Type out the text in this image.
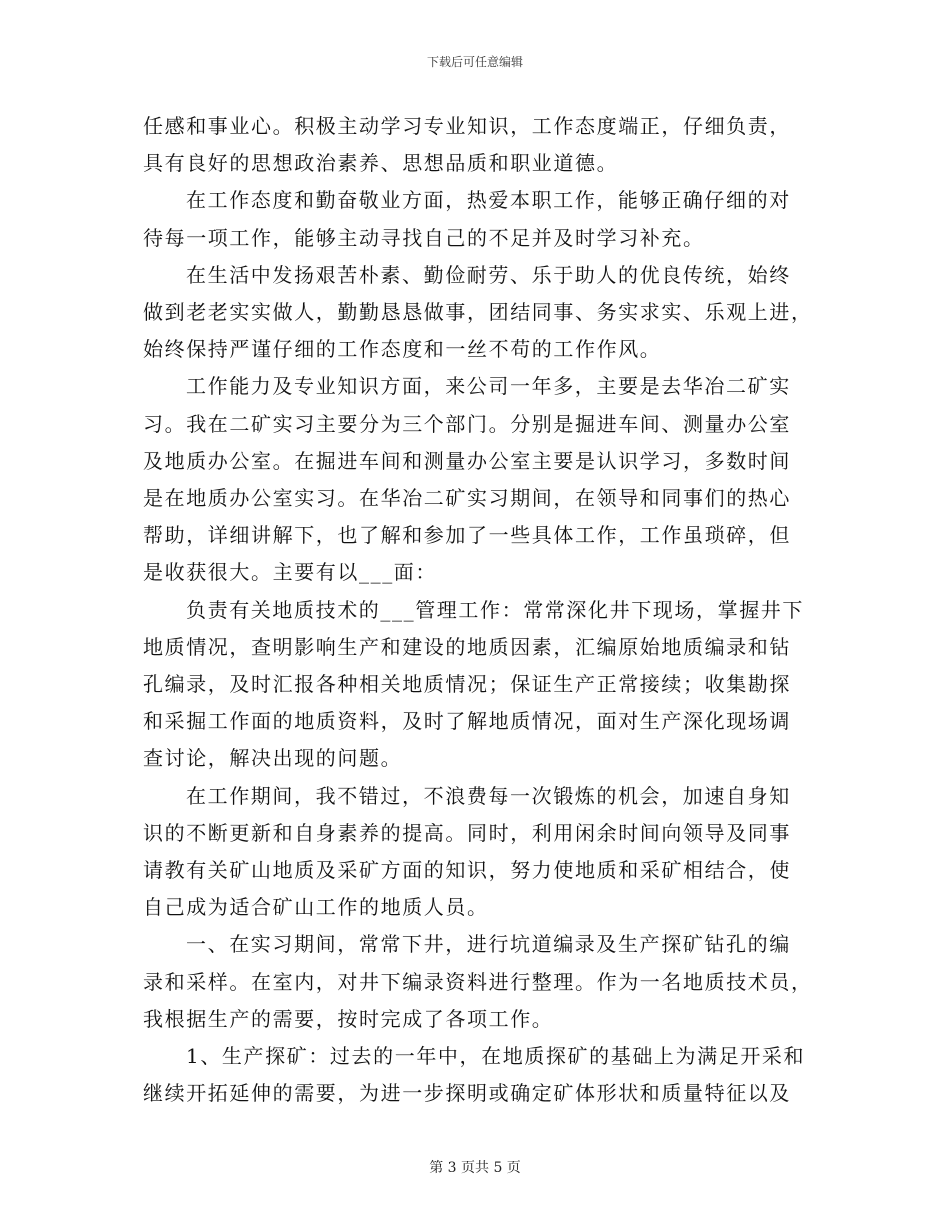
下载后可任意编辑

任感和事业心。积极主动学习专业知识，工作态度端正，仔细负责，
具有良好的思想政治素养、思想品质和职业道德。

在工作态度和勤奋敬业方面，热爱本职工作，能够正确仔细的对
待每一项工作，能够主动寻找自己的不足并及时学习补充。

在生活中发扬艰苦朴素、勤俭耐劳、乐于助人的优良传统，始终
做到老老实实做人，勤勤恳恳做事，团结同事、务实求实、乐观上进，
始终保持严谨仔细的工作态度和一丝不苟的工作作风。

工作能力及专业知识方面，来公司一年多，主要是去华冶二矿实
习。我在二矿实习主要分为三个部门。分别是掘进车间、测量办公室
及地质办公室。在掘进车间和测量办公室主要是认识学习，多数时间
是在地质办公室实习。在华冶二矿实习期间，在领导和同事们的热心
帮助，详细讲解下，也了解和参加了一些具体工作，工作虽琐碎，但
是收获很大。主要有以___面：

负责有关地质技术的___管理工作：常常深化井下现场，掌握井下
地质情况，查明影响生产和建设的地质因素，汇编原始地质编录和钻
孔编录，及时汇报各种相关地质情况；保证生产正常接续；收集勘探
和采掘工作面的地质资料，及时了解地质情况，面对生产深化现场调
查讨论，解决出现的问题。

在工作期间，我不错过，不浪费每一次锻炼的机会，加速自身知
识的不断更新和自身素养的提高。同时，利用闲余时间向领导及同事
请教有关矿山地质及采矿方面的知识，努力使地质和采矿相结合，使
自己成为适合矿山工作的地质人员。

一、在实习期间，常常下井，进行坑道编录及生产探矿钻孔的编
录和采样。在室内，对井下编录资料进行整理。作为一名地质技术员，
我根据生产的需要，按时完成了各项工作。

1、生产探矿：过去的一年中，在地质探矿的基础上为满足开采和
继续开拓延伸的需要，为进一步探明或确定矿体形状和质量特征以及

第 3 页共 5 页
